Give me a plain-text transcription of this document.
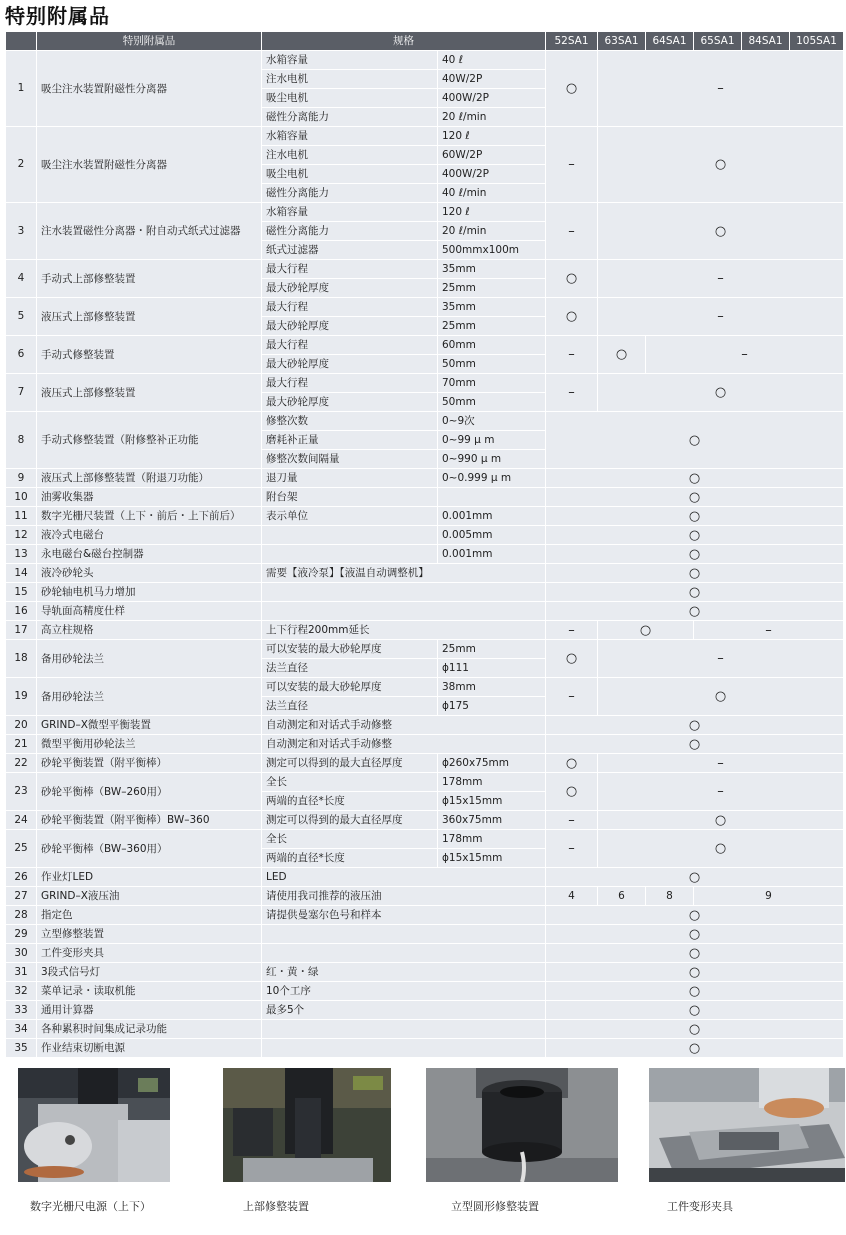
特别附属品
	特别附属品	规格		52SA1	63SA1	64SA1	65SA1	84SA1	105SA1
1	吸尘注水装置附磁性分离器	水箱容量	40 ℓ	○	–				
		注水电机	40W/2P						
		吸尘电机	400W/2P						
		磁性分离能力	20 ℓ/min						
2	吸尘注水装置附磁性分离器	水箱容量	120 ℓ	–	○				
		注水电机	60W/2P						
		吸尘电机	400W/2P						
		磁性分离能力	40 ℓ/min						
3	注水装置磁性分离器・附自动式纸式过滤器	水箱容量	120 ℓ	–	○				
		磁性分离能力	20 ℓ/min						
		纸式过滤器	500mmx100m						
4	手动式上部修整装置	最大行程	35mm	○	–				
		最大砂轮厚度	25mm						
5	液压式上部修整装置	最大行程	35mm	○	–				
		最大砂轮厚度	25mm						
6	手动式修整装置	最大行程	60mm	–	○	–			
		最大砂轮厚度	50mm						
7	液压式上部修整装置	最大行程	70mm	–	○				
		最大砂轮厚度	50mm						
8	手动式修整装置（附修整补正功能	修整次数	0~9次	○					
		磨耗补正量	0~99 μ m						
		修整次数间隔量	0~990 μ m						
9	液压式上部修整装置（附退刀功能）	退刀量	0~0.999 μ m	○					
10	油雾收集器	附台架		○					
11	数字光栅尺装置（上下・前后・上下前后）	表示单位	0.001mm	○					
12	液冷式电磁台		0.005mm	○					
13	永电磁台&磁台控制器		0.001mm	○					
14	液冷砂轮头	需要【液冷泵】【液温自动调整机】		○					
15	砂轮轴电机马力增加			○					
16	导轨面高精度仕样			○					
17	高立柱规格	上下行程200mm延长		–	○		–		
18	备用砂轮法兰	可以安装的最大砂轮厚度	25mm	○	–				
		法兰直径	ϕ111						
19	备用砂轮法兰	可以安装的最大砂轮厚度	38mm	–	○				
		法兰直径	ϕ175						
20	GRIND–X微型平衡装置	自动测定和对话式手动修整		○					
21	微型平衡用砂轮法兰	自动测定和对话式手动修整		○					
22	砂轮平衡装置（附平衡棒）	测定可以得到的最大直径厚度	ϕ260x75mm	○	–				
23	砂轮平衡棒（BW–260用）	全长	178mm	○	–				
		两端的直径*长度	ϕ15x15mm						
24	砂轮平衡装置（附平衡棒）BW–360	测定可以得到的最大直径厚度	360x75mm	–	○				
25	砂轮平衡棒（BW–360用）	全长	178mm	–	○				
		两端的直径*长度	ϕ15x15mm						
26	作业灯LED	LED		○					
27	GRIND–X液压油	请使用我司推荐的液压油		4	6	8	9		
28	指定色	请提供曼塞尔色号和样本		○					
29	立型修整装置			○					
30	工件变形夹具			○					
31	3段式信号灯	红・黄・绿		○					
32	菜单记录・读取机能	10个工序		○					
33	通用计算器	最多5个		○					
34	各种累积时间集成记录功能			○					
35	作业结束切断电源			○					
数字光栅尺电源（上下）	上部修整装置	立型圆形修整装置	工件变形夹具
